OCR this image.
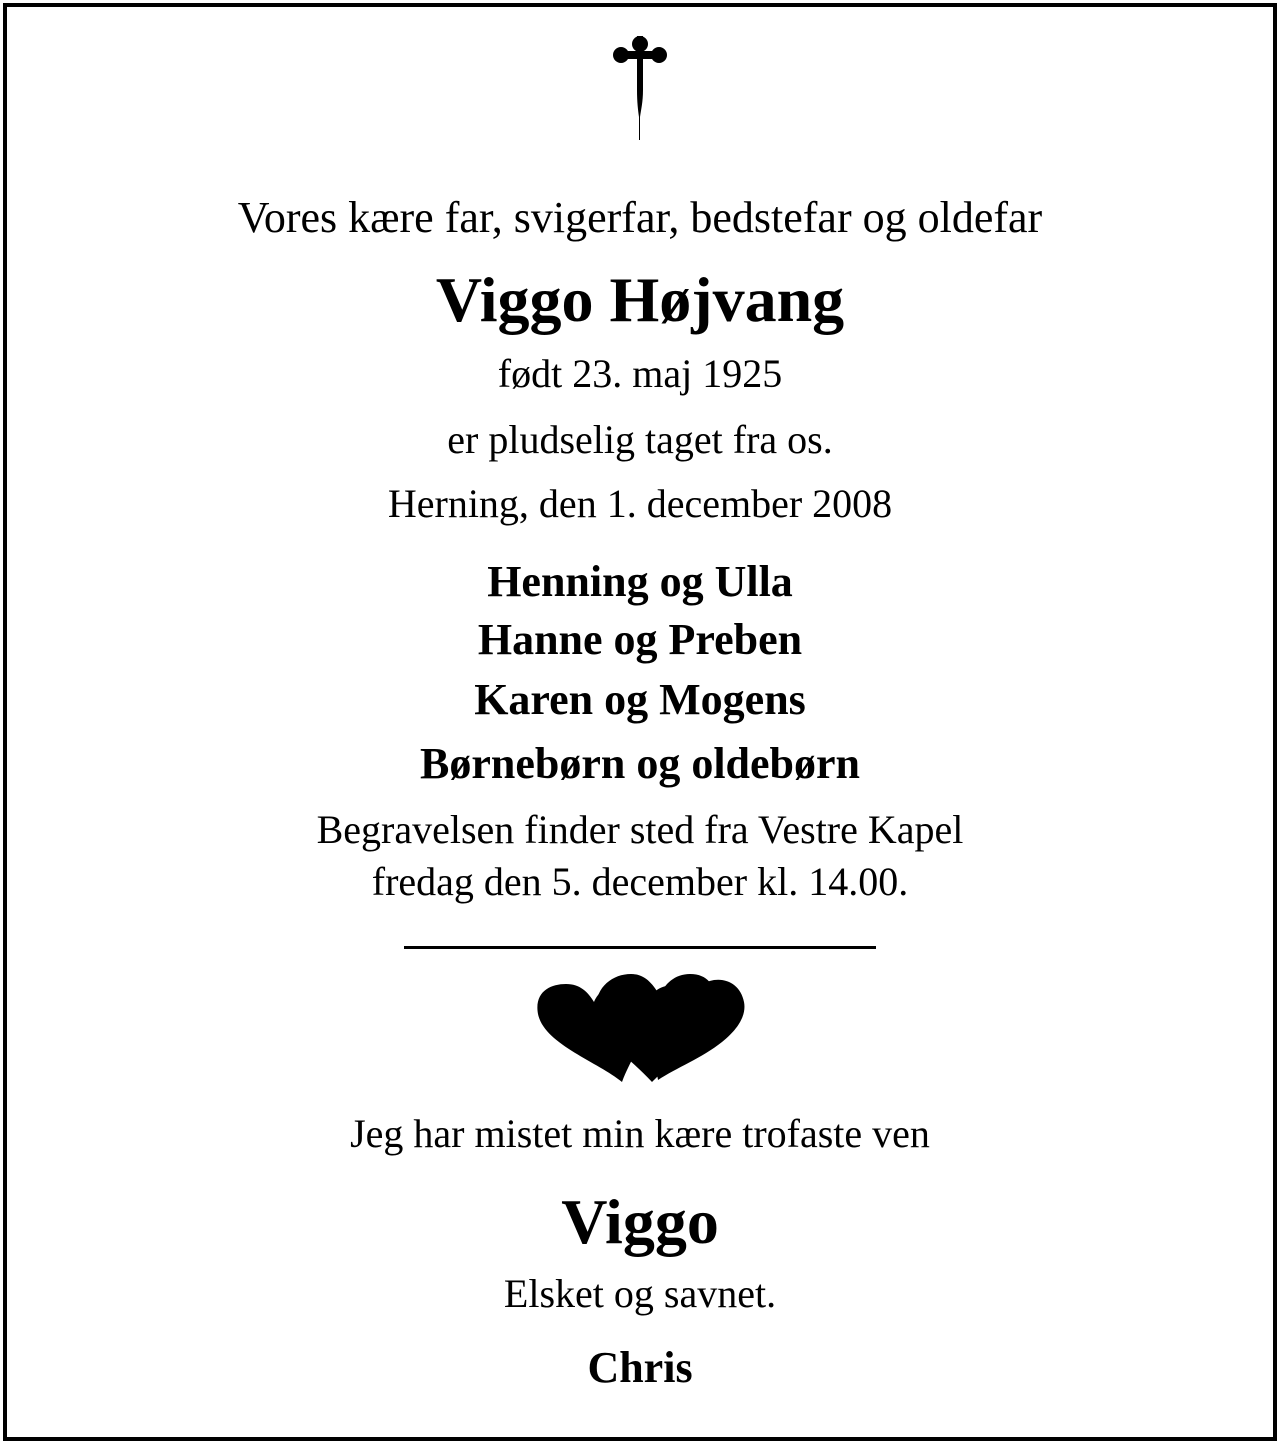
Vores kære far, svigerfar, bedstefar og oldefar
Viggo Højvang
født 23. maj 1925
er pludselig taget fra os.
Herning, den 1. december 2008
Henning og Ulla
Hanne og Preben
Karen og Mogens
Børnebørn og oldebørn
Begravelsen finder sted fra Vestre Kapel
fredag den 5. december kl. 14.00.
Jeg har mistet min kære trofaste ven
Viggo
Elsket og savnet.
Chris
